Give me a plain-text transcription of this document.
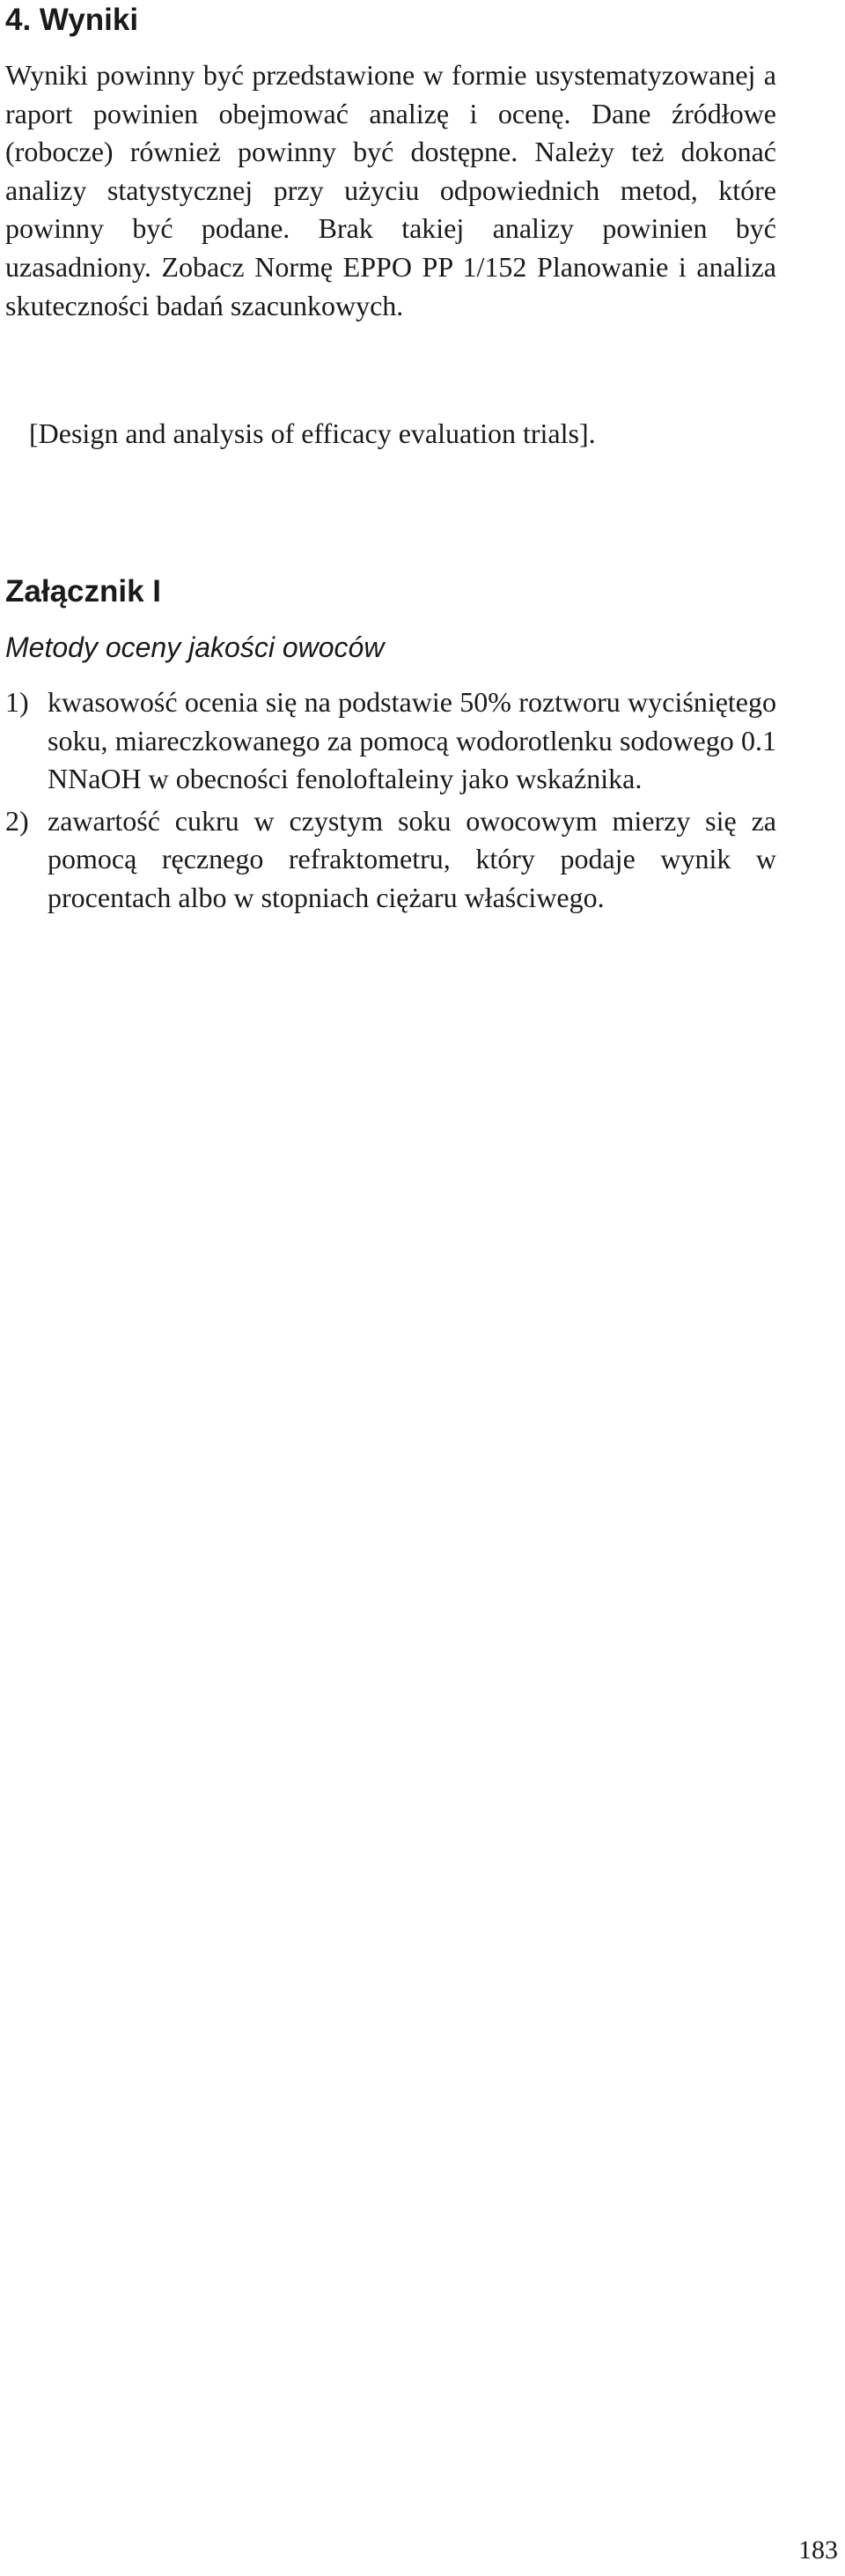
4. Wyniki

Wyniki powinny być przedstawione w formie usystematyzowanej a raport powinien obejmować analizę i ocenę. Dane źródłowe (robocze) również powinny być dostępne. Należy też dokonać analizy statystycznej przy użyciu odpowiednich metod, które powinny być podane. Brak takiej analizy powinien być uzasadniony. Zobacz Normę EPPO PP 1/152 Planowanie i analiza skuteczności badań szacunkowych.

[Design and analysis of efficacy evaluation trials].

Załącznik I

Metody oceny jakości owoców

1) kwasowość ocenia się na podstawie 50% roztworu wyciśniętego soku, miareczkowanego za pomocą wodorotlenku sodowego 0.1 NNaOH w obecności fenoloftaleiny jako wskaźnika.
2) zawartość cukru w czystym soku owocowym mierzy się za pomocą ręcznego refraktometru, który podaje wynik w procentach albo w stopniach ciężaru właściwego.

183
